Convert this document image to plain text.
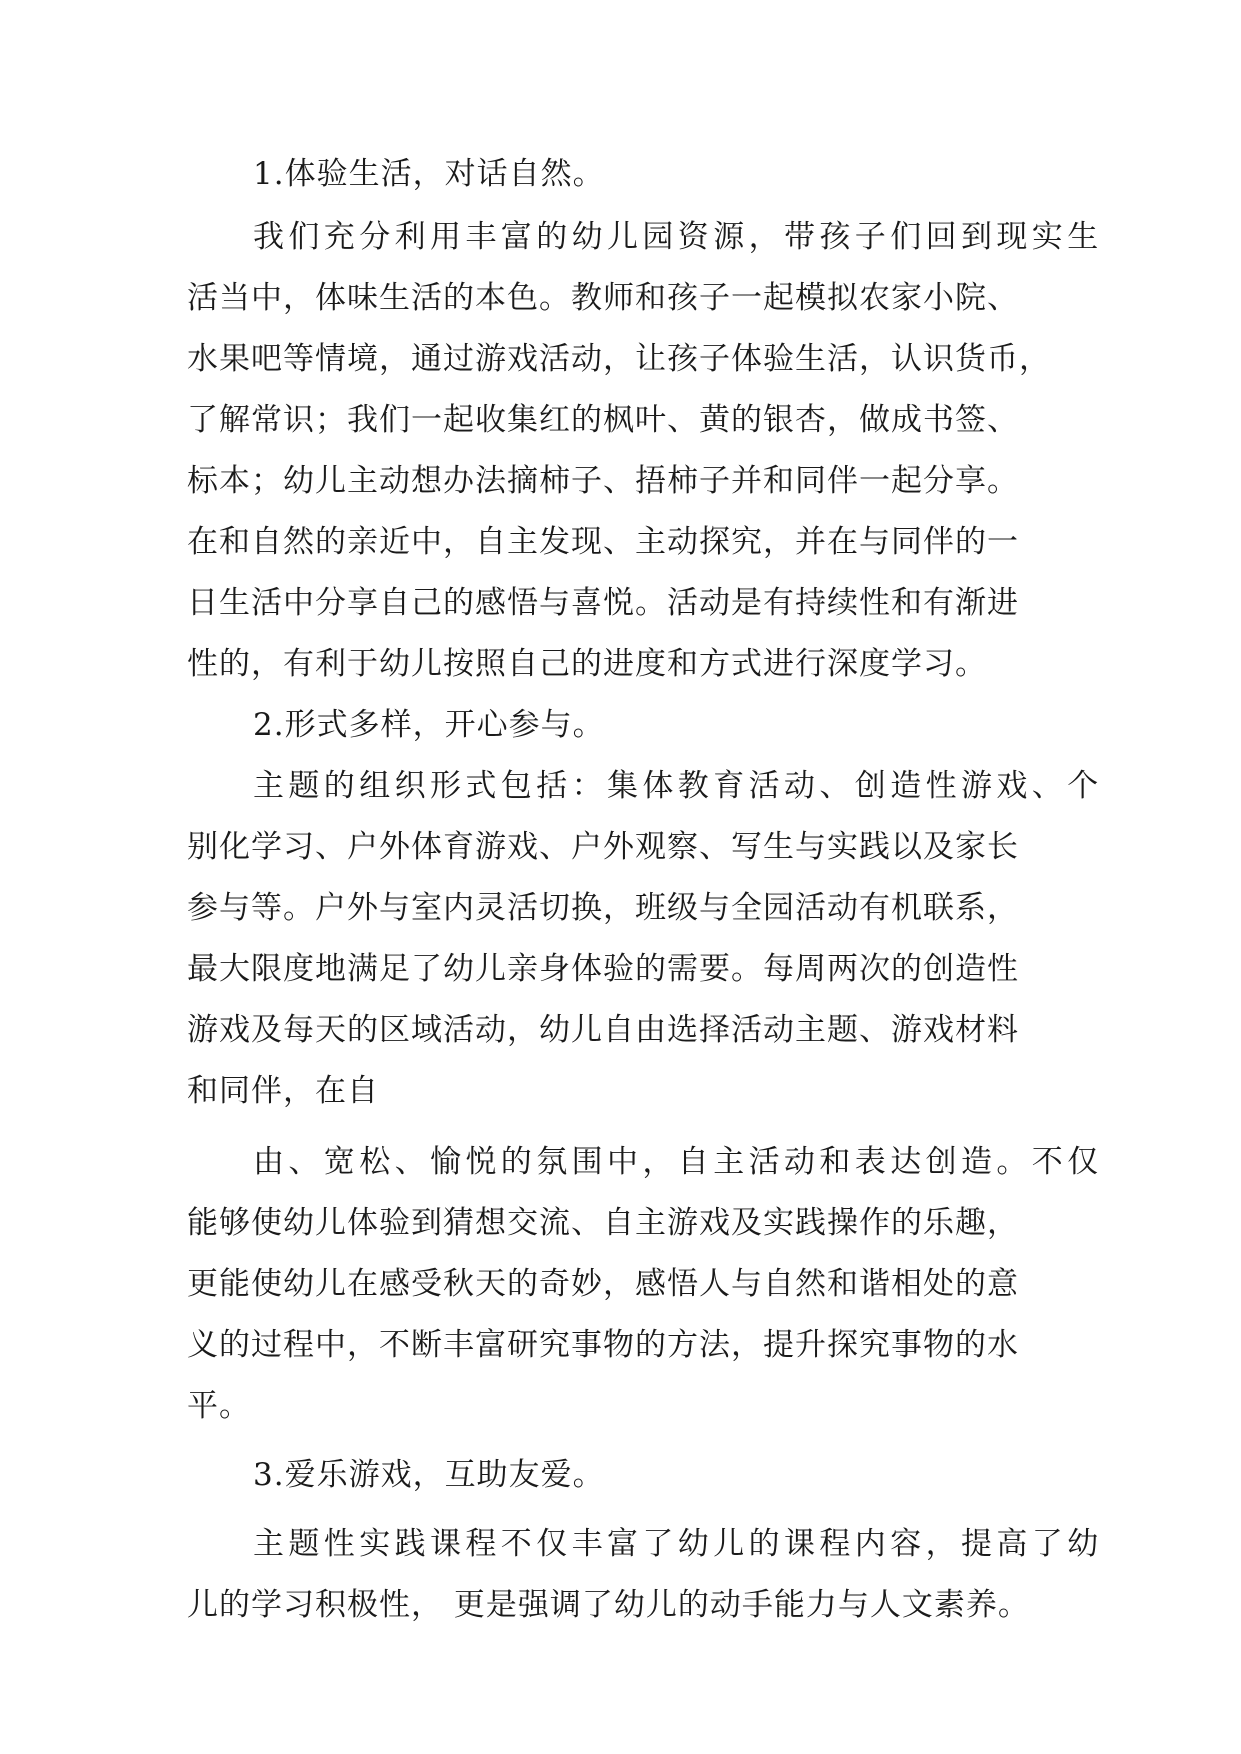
1.体验生活，对话自然。
我们充分利用丰富的幼儿园资源，带孩子们回到现实生
活当中，体味生活的本色。教师和孩子一起模拟农家小院、
水果吧等情境，通过游戏活动，让孩子体验生活，认识货币，
了解常识；我们一起收集红的枫叶、黄的银杏，做成书签、
标本；幼儿主动想办法摘柿子、捂柿子并和同伴一起分享。
在和自然的亲近中，自主发现、主动探究，并在与同伴的一
日生活中分享自己的感悟与喜悦。活动是有持续性和有渐进
性的，有利于幼儿按照自己的进度和方式进行深度学习。
2.形式多样，开心参与。
主题的组织形式包括：集体教育活动、创造性游戏、个
别化学习、户外体育游戏、户外观察、写生与实践以及家长
参与等。户外与室内灵活切换，班级与全园活动有机联系，
最大限度地满足了幼儿亲身体验的需要。每周两次的创造性
游戏及每天的区域活动，幼儿自由选择活动主题、游戏材料
和同伴，在自
由、宽松、愉悦的氛围中，自主活动和表达创造。不仅
能够使幼儿体验到猜想交流、自主游戏及实践操作的乐趣，
更能使幼儿在感受秋天的奇妙，感悟人与自然和谐相处的意
义的过程中，不断丰富研究事物的方法，提升探究事物的水
平。
3.爱乐游戏，互助友爱。
主题性实践课程不仅丰富了幼儿的课程内容，提高了幼
儿的学习积极性， 更是强调了幼儿的动手能力与人文素养。
